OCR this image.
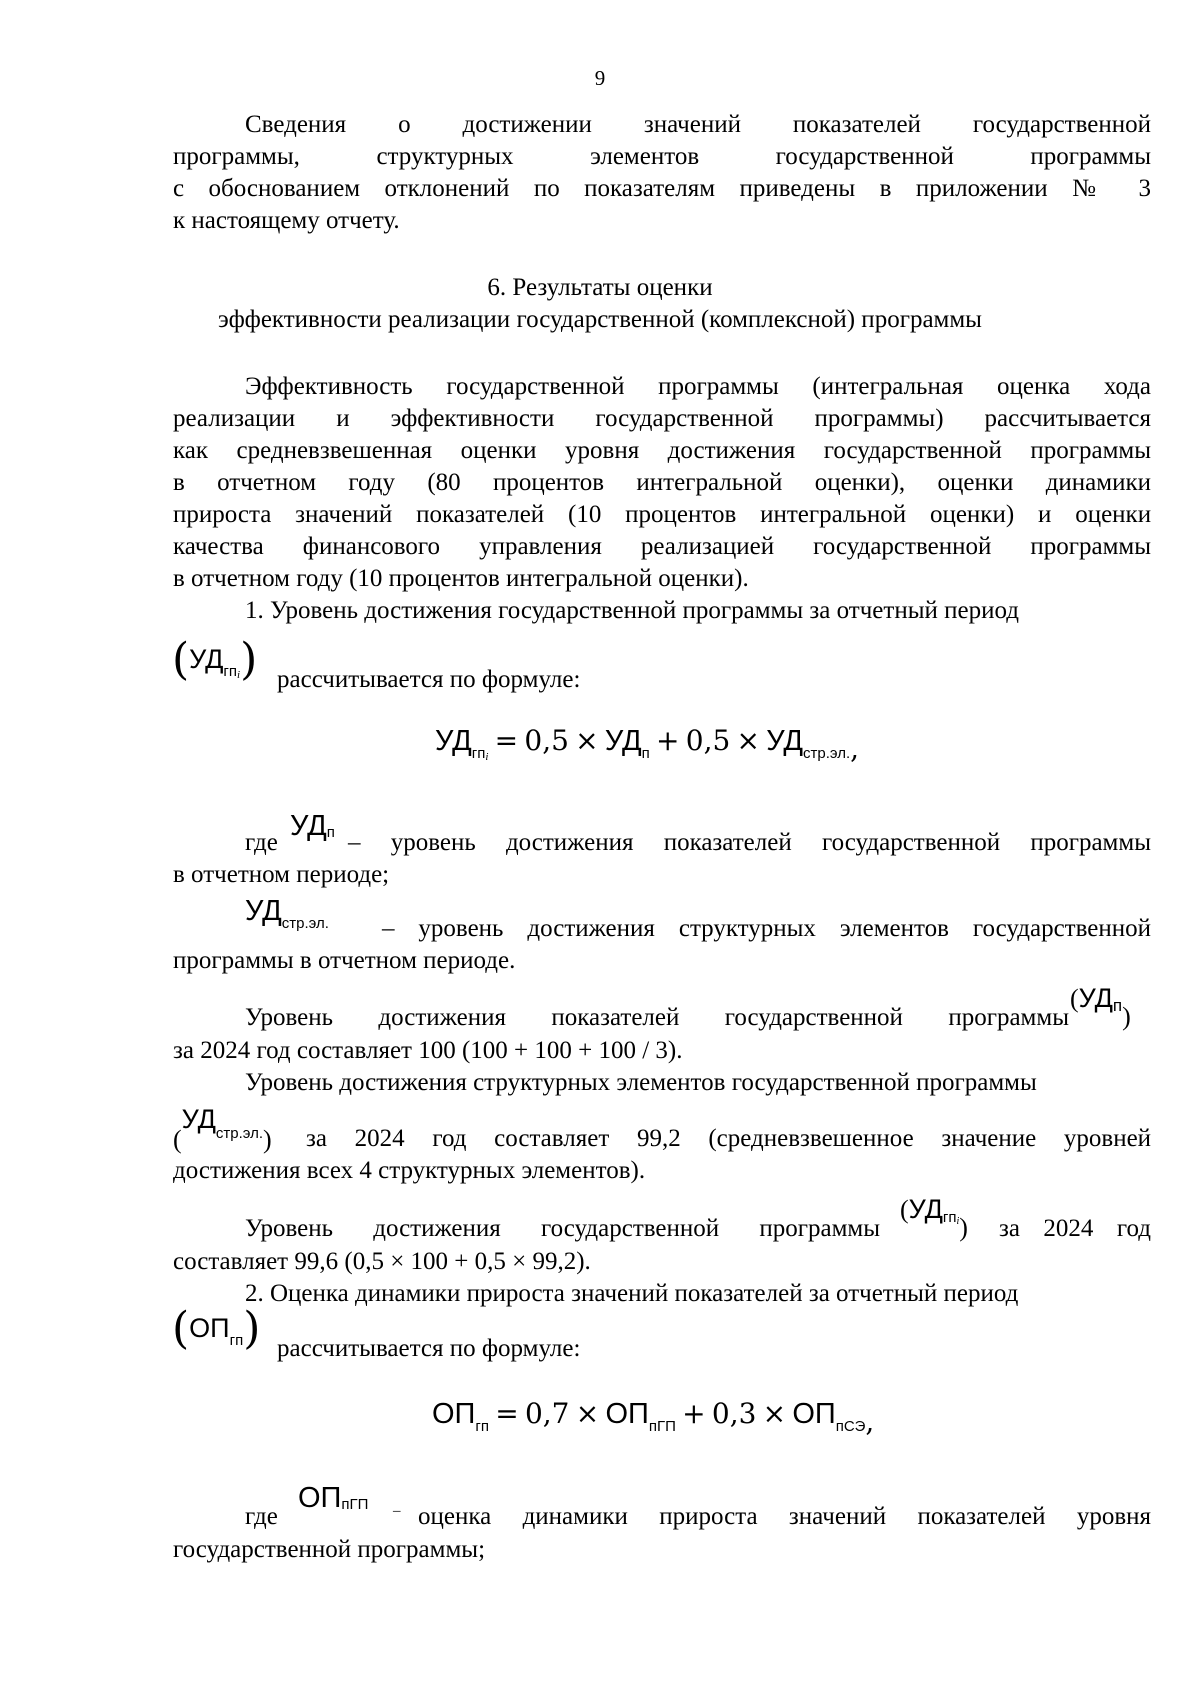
9
Сведения о достижении значений показателей государственной
программы,	структурных	элементов	государственной	программы
с обоснованием отклонений по показателям приведены в приложении № 3
к настоящему отчету.
6. Результаты оценки
эффективности реализации государственной (комплексной) программы
Эффективность государственной программы (интегральная оценка хода
реализации и эффективности государственной программы) рассчитывается
как средневзвешенная оценки уровня достижения государственной программы
в отчетном году (80 процентов интегральной оценки), оценки динамики
прироста значений показателей (10 процентов интегральной оценки) и оценки
качества финансового управления реализацией государственной программы
в отчетном году (10 процентов интегральной оценки).
1. Уровень достижения государственной программы за отчетный период
(УДгпi) рассчитывается по формуле:
$УД_{гпi} = 0,5 \times УД_п + 0,5 \times УД_{стр.эл.}$,
где
УДп – уровень достижения показателей государственной программы
в отчетном периоде;
$УД_{стр.эл.}$ – уровень достижения структурных элементов государственной
программы в отчетном периоде.
Уровень достижения показателей государственной программы
(УДп)
за 2024 год составляет 100 (100 + 100 + 100 / 3).
Уровень достижения структурных элементов государственной программы
$(УД_{стр.эл.})$ за 2024 год составляет 99,2 (средневзвешенное значение уровней
достижения всех 4 структурных элементов).
Уровень достижения государственной программы
(УДгп$_i$) за 2024 год
составляет 99,6 (0,5 × 100 + 0,5 × 99,2).
2. Оценка динамики прироста значений показателей за отчетный период
(ОПгп) рассчитывается по формуле:
$ОП_{гп} = 0,7 \times ОП_{пГП} + 0,3 \times ОП_{пСЭ}$,
где
ОПпГП – оценка динамики прироста значений показателей уровня
государственной программы;
